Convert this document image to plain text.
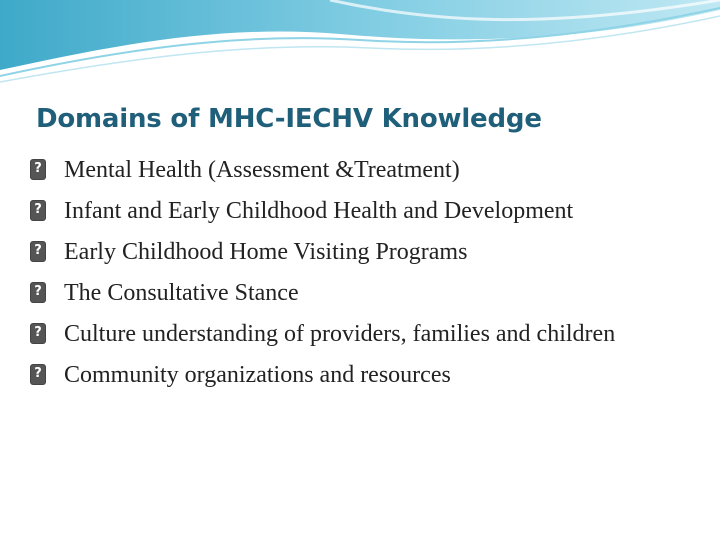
Domains of MHC-IECHV Knowledge
? Mental Health (Assessment &Treatment)
? Infant and Early Childhood Health and Development
? Early Childhood Home Visiting Programs
? The Consultative Stance
? Culture understanding of providers, families and children
? Community organizations and resources
